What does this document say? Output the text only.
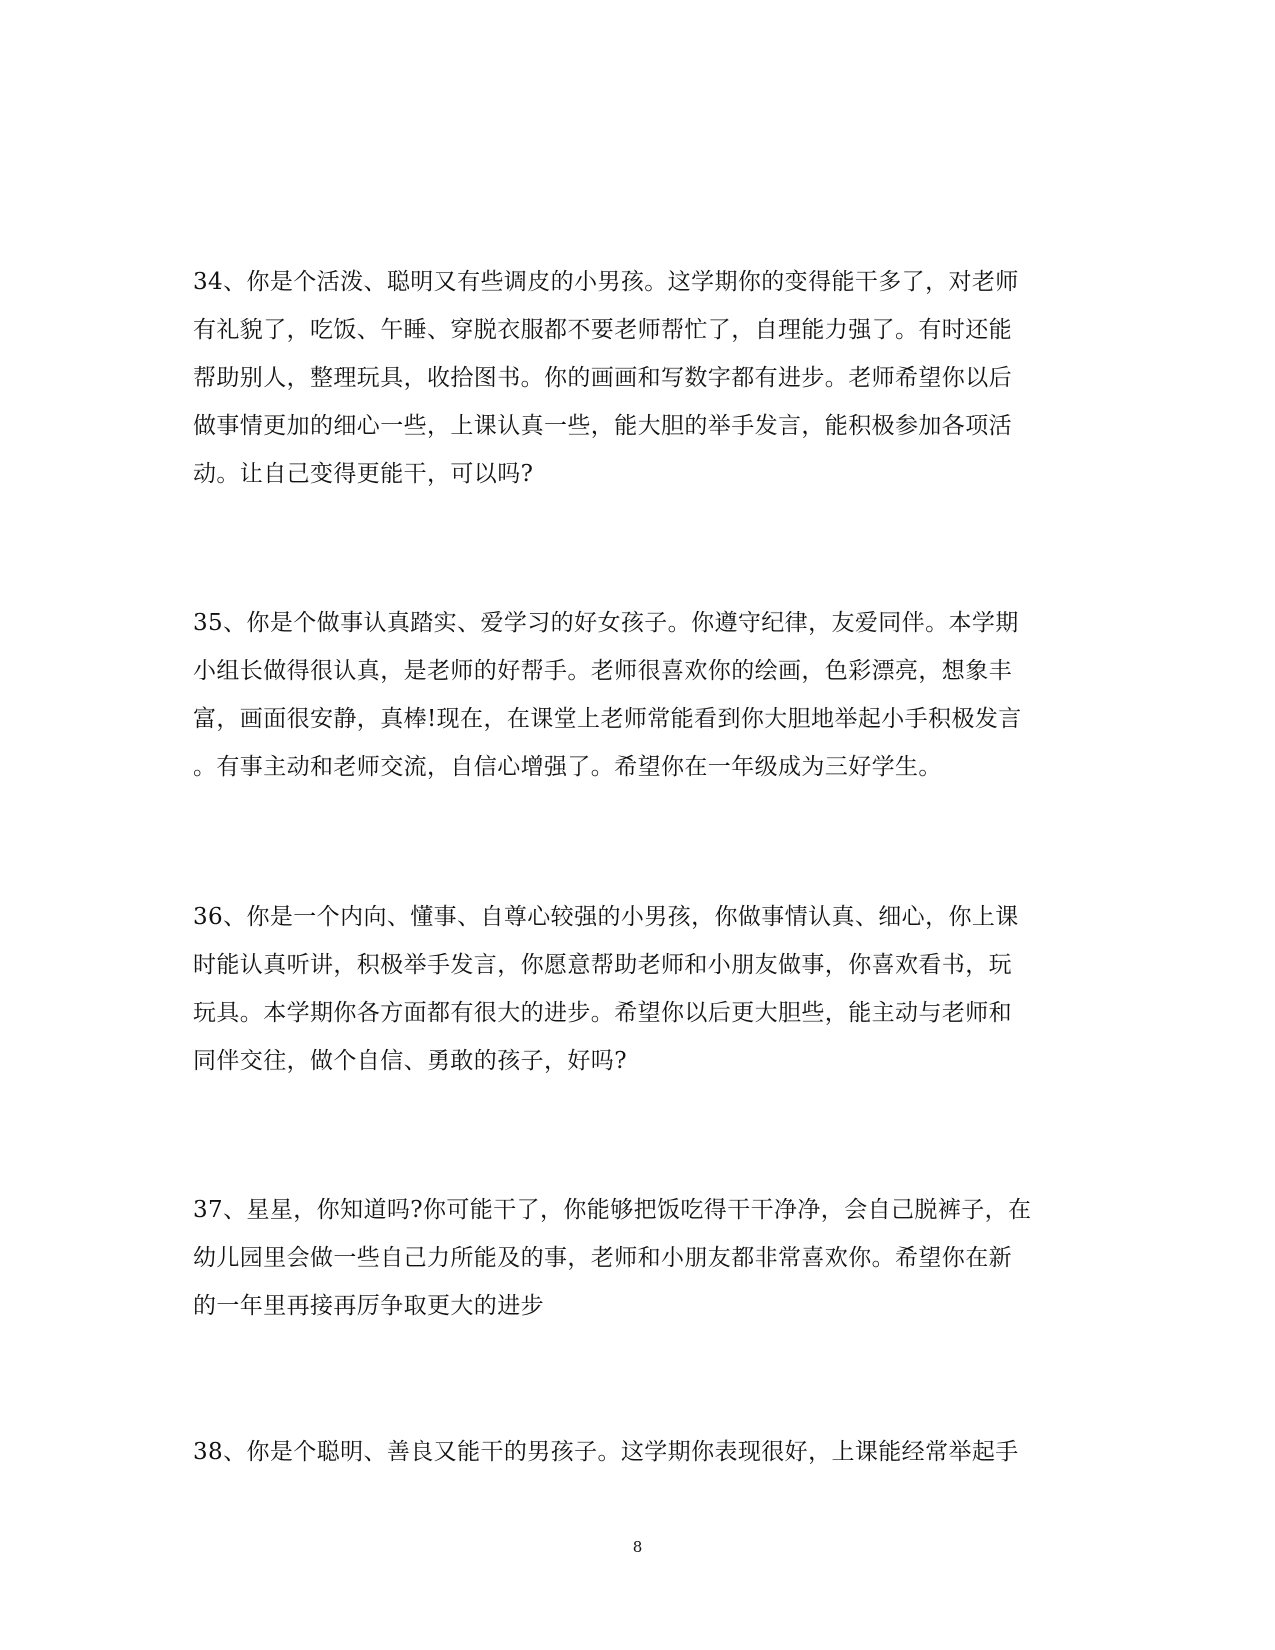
34、你是个活泼、聪明又有些调皮的小男孩。这学期你的变得能干多了，对老师
有礼貌了，吃饭、午睡、穿脱衣服都不要老师帮忙了，自理能力强了。有时还能
帮助别人，整理玩具，收拾图书。你的画画和写数字都有进步。老师希望你以后
做事情更加的细心一些，上课认真一些，能大胆的举手发言，能积极参加各项活
动。让自己变得更能干，可以吗?
35、你是个做事认真踏实、爱学习的好女孩子。你遵守纪律，友爱同伴。本学期
小组长做得很认真，是老师的好帮手。老师很喜欢你的绘画，色彩漂亮，想象丰
富，画面很安静，真棒!现在，在课堂上老师常能看到你大胆地举起小手积极发言
。有事主动和老师交流，自信心增强了。希望你在一年级成为三好学生。
36、你是一个内向、懂事、自尊心较强的小男孩，你做事情认真、细心，你上课
时能认真听讲，积极举手发言，你愿意帮助老师和小朋友做事，你喜欢看书，玩
玩具。本学期你各方面都有很大的进步。希望你以后更大胆些，能主动与老师和
同伴交往，做个自信、勇敢的孩子，好吗?
37、星星，你知道吗?你可能干了，你能够把饭吃得干干净净，会自己脱裤子，在
幼儿园里会做一些自己力所能及的事，老师和小朋友都非常喜欢你。希望你在新
的一年里再接再厉争取更大的进步
38、你是个聪明、善良又能干的男孩子。这学期你表现很好，上课能经常举起手
8
